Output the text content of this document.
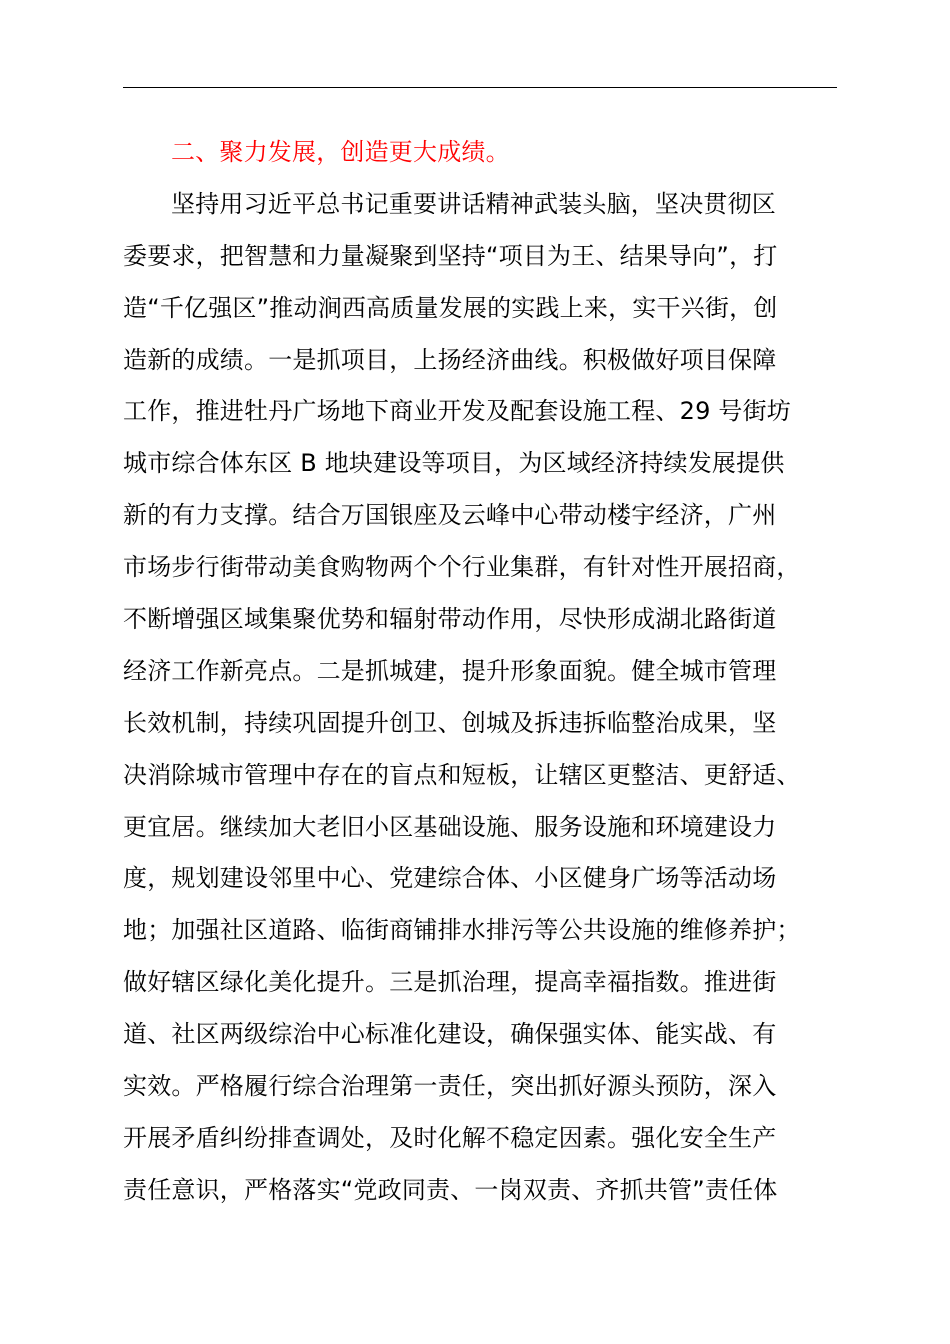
二、聚力发展，创造更大成绩。
坚持用习近平总书记重要讲话精神武装头脑，坚决贯彻区
委要求，把智慧和力量凝聚到坚持“项目为王、结果导向”，打
造“千亿强区”推动涧西高质量发展的实践上来，实干兴街，创
造新的成绩。一是抓项目，上扬经济曲线。积极做好项目保障
工作，推进牡丹广场地下商业开发及配套设施工程、29 号街坊
城市综合体东区 B 地块建设等项目，为区域经济持续发展提供
新的有力支撑。结合万国银座及云峰中心带动楼宇经济，广州
市场步行街带动美食购物两个个行业集群，有针对性开展招商，
不断增强区域集聚优势和辐射带动作用，尽快形成湖北路街道
经济工作新亮点。二是抓城建，提升形象面貌。健全城市管理
长效机制，持续巩固提升创卫、创城及拆违拆临整治成果，坚
决消除城市管理中存在的盲点和短板，让辖区更整洁、更舒适、
更宜居。继续加大老旧小区基础设施、服务设施和环境建设力
度，规划建设邻里中心、党建综合体、小区健身广场等活动场
地；加强社区道路、临街商铺排水排污等公共设施的维修养护；
做好辖区绿化美化提升。三是抓治理，提高幸福指数。推进街
道、社区两级综治中心标准化建设，确保强实体、能实战、有
实效。严格履行综合治理第一责任，突出抓好源头预防，深入
开展矛盾纠纷排查调处，及时化解不稳定因素。强化安全生产
责任意识，严格落实“党政同责、一岗双责、齐抓共管”责任体
